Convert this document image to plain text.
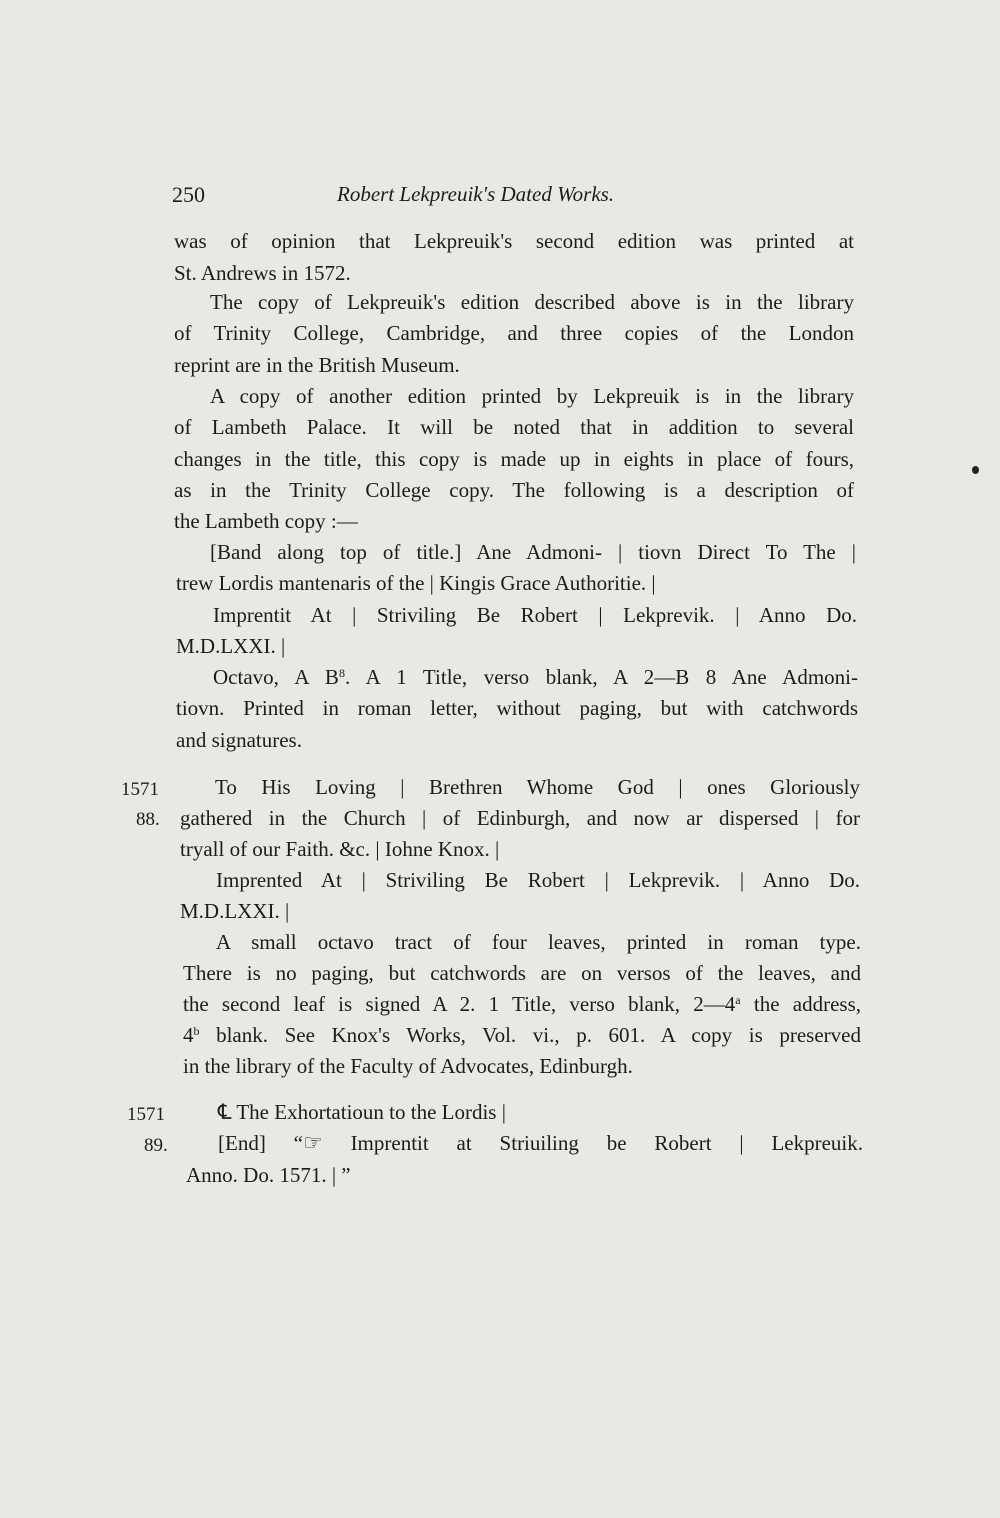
250	Robert Lekpreuik's Dated Works.
was of opinion that Lekpreuik's second edition was printed at
St. Andrews in 1572.
The copy of Lekpreuik's edition described above is in the library
of Trinity College, Cambridge, and three copies of the London
reprint are in the British Museum.
A copy of another edition printed by Lekpreuik is in the library
of Lambeth Palace. It will be noted that in addition to several
changes in the title, this copy is made up in eights in place of fours,
as in the Trinity College copy. The following is a description of
the Lambeth copy :—
[Band along top of title.] Ane Admoni- | tiovn Direct To The |
trew Lordis mantenaris of the | Kingis Grace Authoritie. |
Imprentit At | Striviling Be Robert | Lekprevik. | Anno Do.
M.D.LXXI. |
Octavo, A $B^8$. A 1 Title, verso blank, A 2—B 8 Ane Admoni-
tiovn. Printed in roman letter, without paging, but with catchwords
and signatures.
1571
88.
To His Loving | Brethren Whome God | ones Gloriously
gathered in the Church | of Edinburgh, and now ar dispersed | for
tryall of our Faith. &c. | Iohne Knox. |
Imprented At | Striviling Be Robert | Lekprevik. | Anno Do.
M.D.LXXI. |
A small octavo tract of four leaves, printed in roman type.
There is no paging, but catchwords are on versos of the leaves, and
the second leaf is signed A 2. 1 Title, verso blank, 2—4$^a$ the address,
4$^b$ blank. See Knox's Works, Vol. vi., p. 601. A copy is preserved
in the library of the Faculty of Advocates, Edinburgh.
1571
89.
℄ The Exhortatioun to the Lordis |
[End] “☞ Imprentit at Striuiling be Robert | Lekpreuik.
Anno. Do. 1571. | ”
